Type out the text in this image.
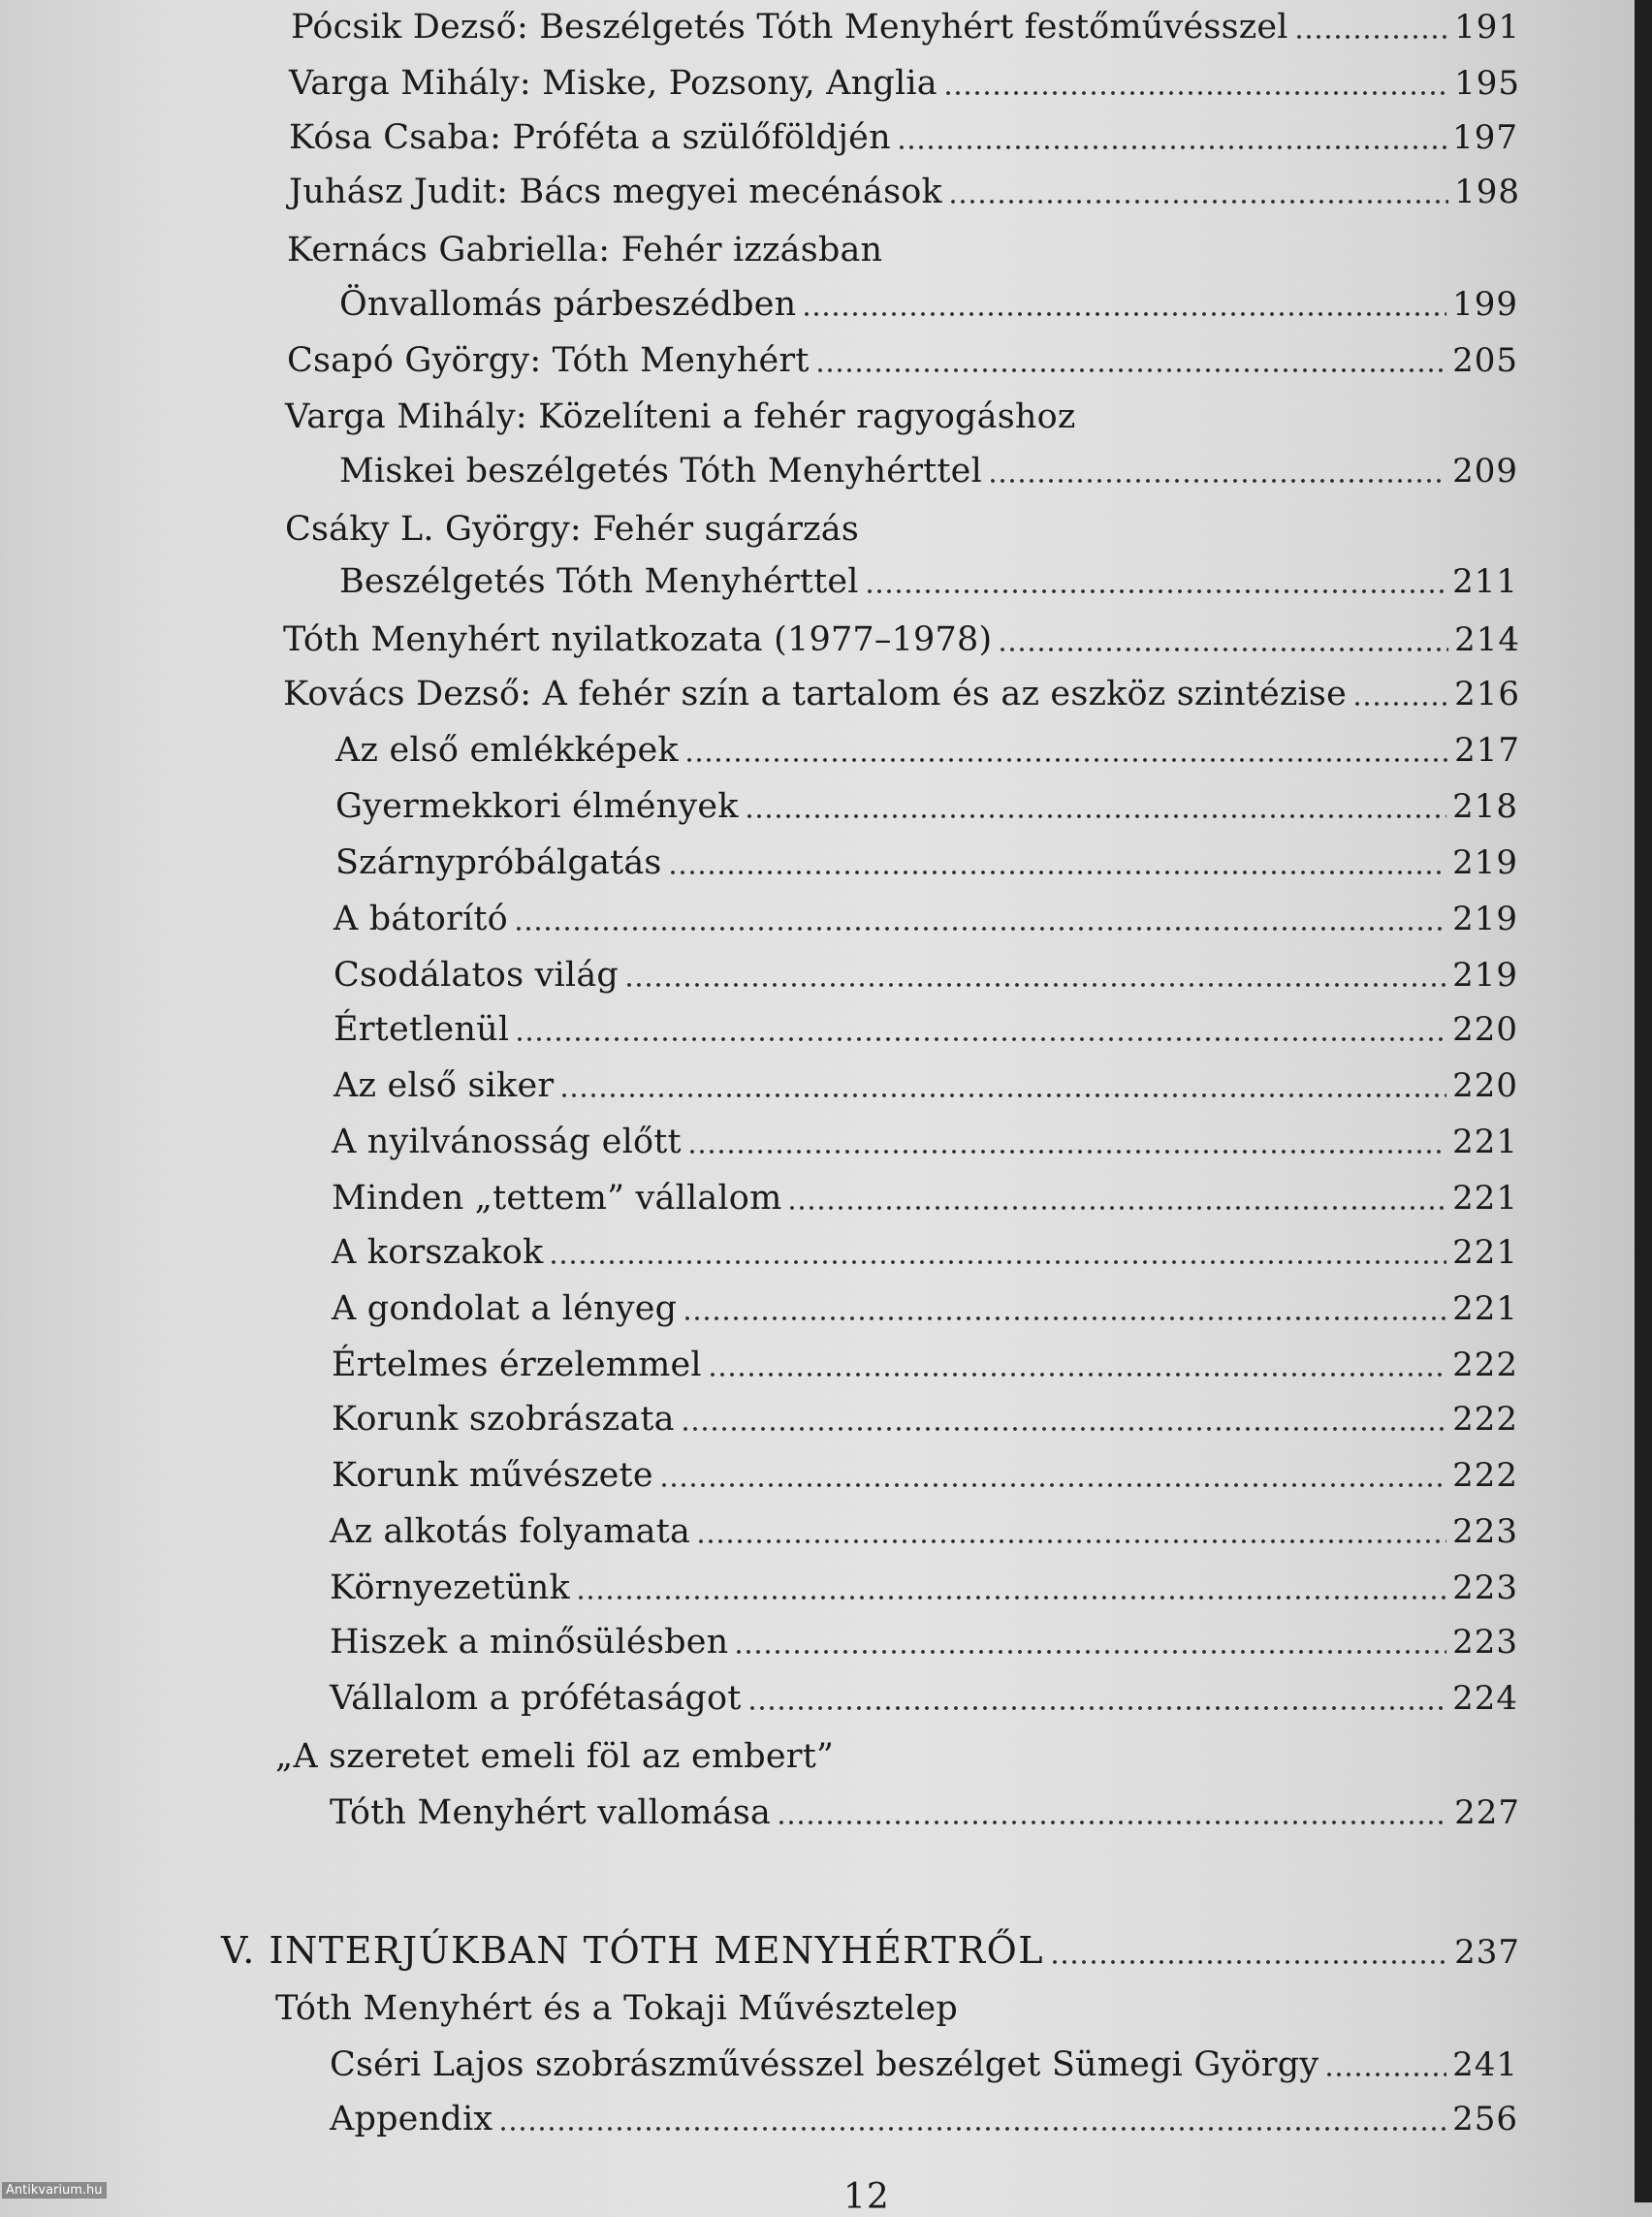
Pócsik Dezső: Beszélgetés Tóth Menyhért festőművésszel	191
Varga Mihály: Miske, Pozsony, Anglia	195
Kósa Csaba: Próféta a szülőföldjén	197
Juhász Judit: Bács megyei mecénások	198
Kernács Gabriella: Fehér izzásban
Önvallomás párbeszédben	199
Csapó György: Tóth Menyhért	205
Varga Mihály: Közelíteni a fehér ragyogáshoz
Miskei beszélgetés Tóth Menyhérttel	209
Csáky L. György: Fehér sugárzás
Beszélgetés Tóth Menyhérttel	211
Tóth Menyhért nyilatkozata (1977–1978)	214
Kovács Dezső: A fehér szín a tartalom és az eszköz szintézise	216
Az első emlékképek	217
Gyermekkori élmények	218
Szárnypróbálgatás	219
A bátorító	219
Csodálatos világ	219
Értetlenül	220
Az első siker	220
A nyilvánosság előtt	221
Minden „tettem” vállalom	221
A korszakok	221
A gondolat a lényeg	221
Értelmes érzelemmel	222
Korunk szobrászata	222
Korunk művészete	222
Az alkotás folyamata	223
Környezetünk	223
Hiszek a minősülésben	223
Vállalom a prófétaságot	224
„A szeretet emeli föl az embert”
Tóth Menyhért vallomása	227
V. INTERJÚKBAN TÓTH MENYHÉRTRŐL	237
Tóth Menyhért és a Tokaji Művésztelep
Cséri Lajos szobrászművésszel beszélget Sümegi György	241
Appendix	256
12
Antikvarium.hu
